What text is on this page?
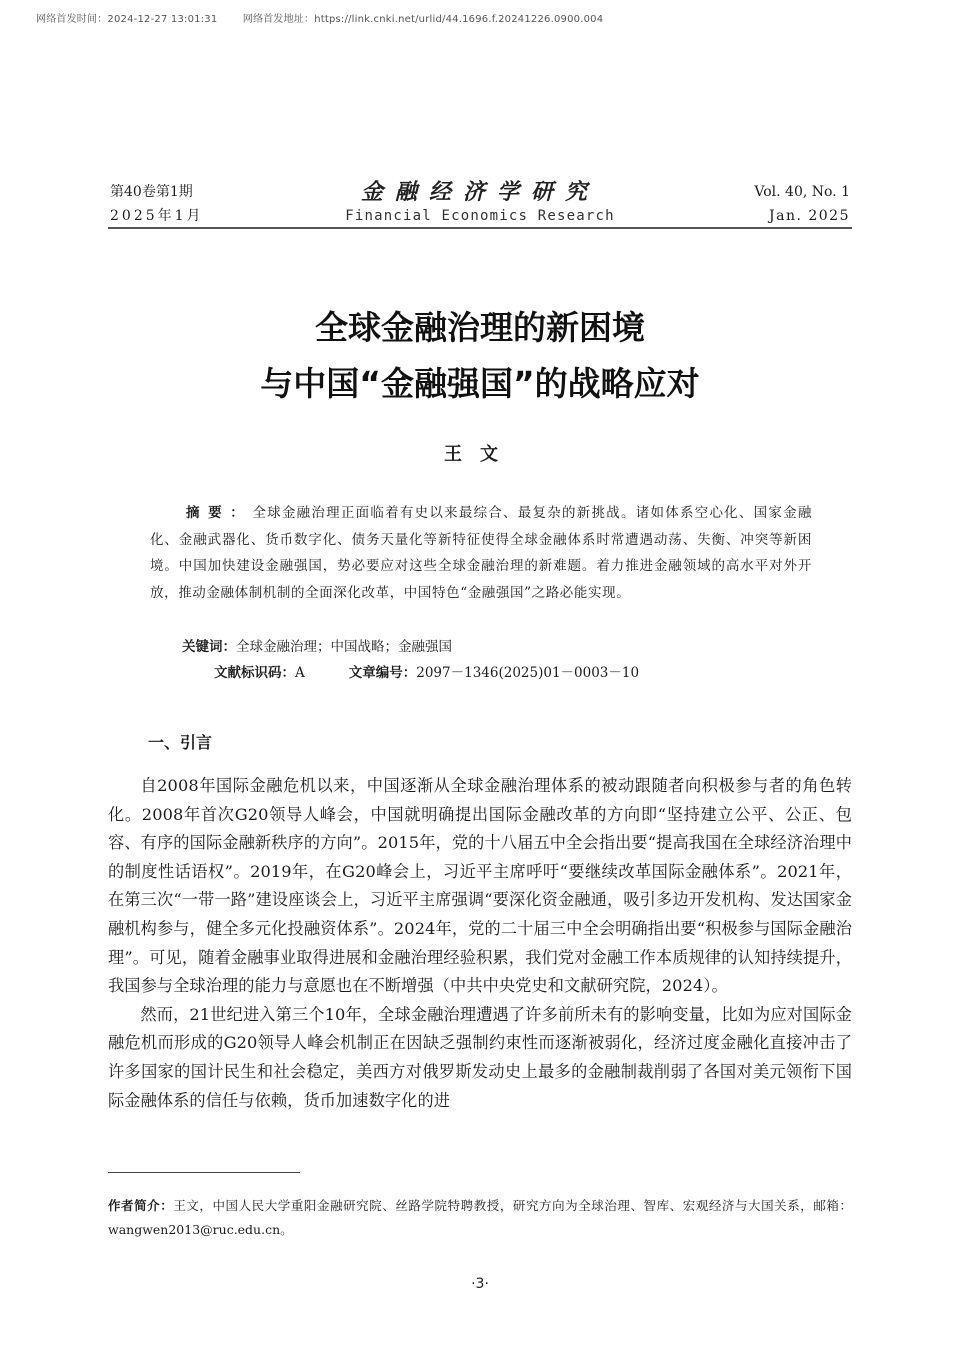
网络首发时间：2024-12-27 13:01:31	网络首发地址：https://link.cnki.net/urlid/44.1696.f.20241226.0900.004
第40卷第1期
2025年1月
金融经济学研究
Financial Economics Research
Vol. 40, No. 1
Jan. 2025
全球金融治理的新困境
与中国“金融强国”的战略应对
王文
摘要：全球金融治理正面临着有史以来最综合、最复杂的新挑战。诸如体系空心化、国家金融化、金融武器化、货币数字化、债务天量化等新特征使得全球金融体系时常遭遇动荡、失衡、冲突等新困境。中国加快建设金融强国，势必要应对这些全球金融治理的新难题。着力推进金融领域的高水平对外开放，推动金融体制机制的全面深化改革，中国特色“金融强国”之路必能实现。
关键词：全球金融治理；中国战略；金融强国
文献标识码：A	文章编号：2097－1346(2025)01－0003－10
一、引言

自2008年国际金融危机以来，中国逐渐从全球金融治理体系的被动跟随者向积极参与者的角色转化。2008年首次G20领导人峰会，中国就明确提出国际金融改革的方向即“坚持建立公平、公正、包容、有序的国际金融新秩序的方向”。2015年，党的十八届五中全会指出要“提高我国在全球经济治理中的制度性话语权”。2019年，在G20峰会上，习近平主席呼吁“要继续改革国际金融体系”。2021年，在第三次“一带一路”建设座谈会上，习近平主席强调“要深化资金融通，吸引多边开发机构、发达国家金融机构参与，健全多元化投融资体系”。2024年，党的二十届三中全会明确指出要“积极参与国际金融治理”。可见，随着金融事业取得进展和金融治理经验积累，我们党对金融工作本质规律的认知持续提升，我国参与全球治理的能力与意愿也在不断增强（中共中央党史和文献研究院，2024）。

然而，21世纪进入第三个10年，全球金融治理遭遇了许多前所未有的影响变量，比如为应对国际金融危机而形成的G20领导人峰会机制正在因缺乏强制约束性而逐渐被弱化，经济过度金融化直接冲击了许多国家的国计民生和社会稳定，美西方对俄罗斯发动史上最多的金融制裁削弱了各国对美元领衔下国际金融体系的信任与依赖，货币加速数字化的进

作者简介：王文，中国人民大学重阳金融研究院、丝路学院特聘教授，研究方向为全球治理、智库、宏观经济与大国关系，邮箱：wangwen2013@ruc.edu.cn。
·3·
